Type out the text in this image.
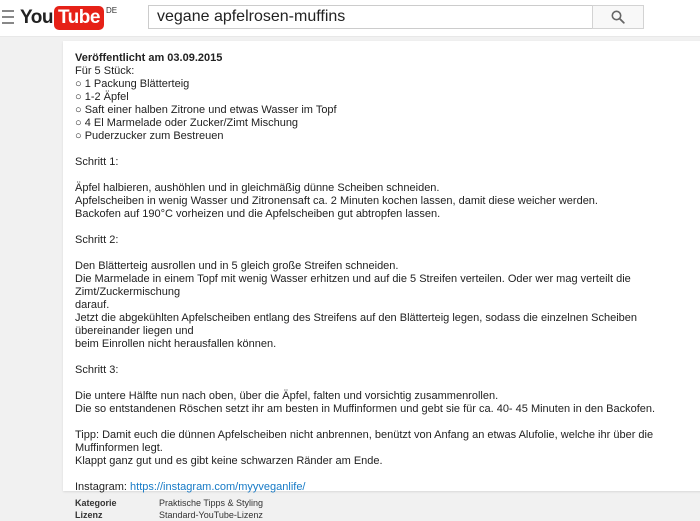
You Tube DE
vegane apfelrosen-muffins

Veröffentlicht am 03.09.2015

Für 5 Stück:

○ 1 Packung Blätterteig

○ 1-2 Äpfel

○ Saft einer halben Zitrone und etwas Wasser im Topf

○ 4 El Marmelade oder Zucker/Zimt Mischung

○ Puderzucker zum Bestreuen

Schritt 1:

Äpfel halbieren, aushöhlen und in gleichmäßig dünne Scheiben schneiden.

Apfelscheiben in wenig Wasser und Zitronensaft ca. 2 Minuten kochen lassen, damit diese weicher werden.

Backofen auf 190°C vorheizen und die Apfelscheiben gut abtropfen lassen.

Schritt 2:

Den Blätterteig ausrollen und in 5 gleich große Streifen schneiden.

Die Marmelade in einem Topf mit wenig Wasser erhitzen und auf die 5 Streifen verteilen. Oder wer mag verteilt die Zimt/Zuckermischung

darauf.

Jetzt die abgekühlten Apfelscheiben entlang des Streifens auf den Blätterteig legen, sodass die einzelnen Scheiben übereinander liegen und

beim Einrollen nicht herausfallen können.

Schritt 3:

Die untere Hälfte nun nach oben, über die Äpfel, falten und vorsichtig zusammenrollen.

Die so entstandenen Röschen setzt ihr am besten in Muffinformen und gebt sie für ca. 40- 45 Minuten in den Backofen.

Tipp: Damit euch die dünnen Apfelscheiben nicht anbrennen, benützt von Anfang an etwas Alufolie, welche ihr über die Muffinformen legt.

Klappt ganz gut und es gibt keine schwarzen Ränder am Ende.

Instagram: https://instagram.com/myyveganlife/

Kategorie	Praktische Tipps & Styling
Lizenz	Standard-YouTube-Lizenz
